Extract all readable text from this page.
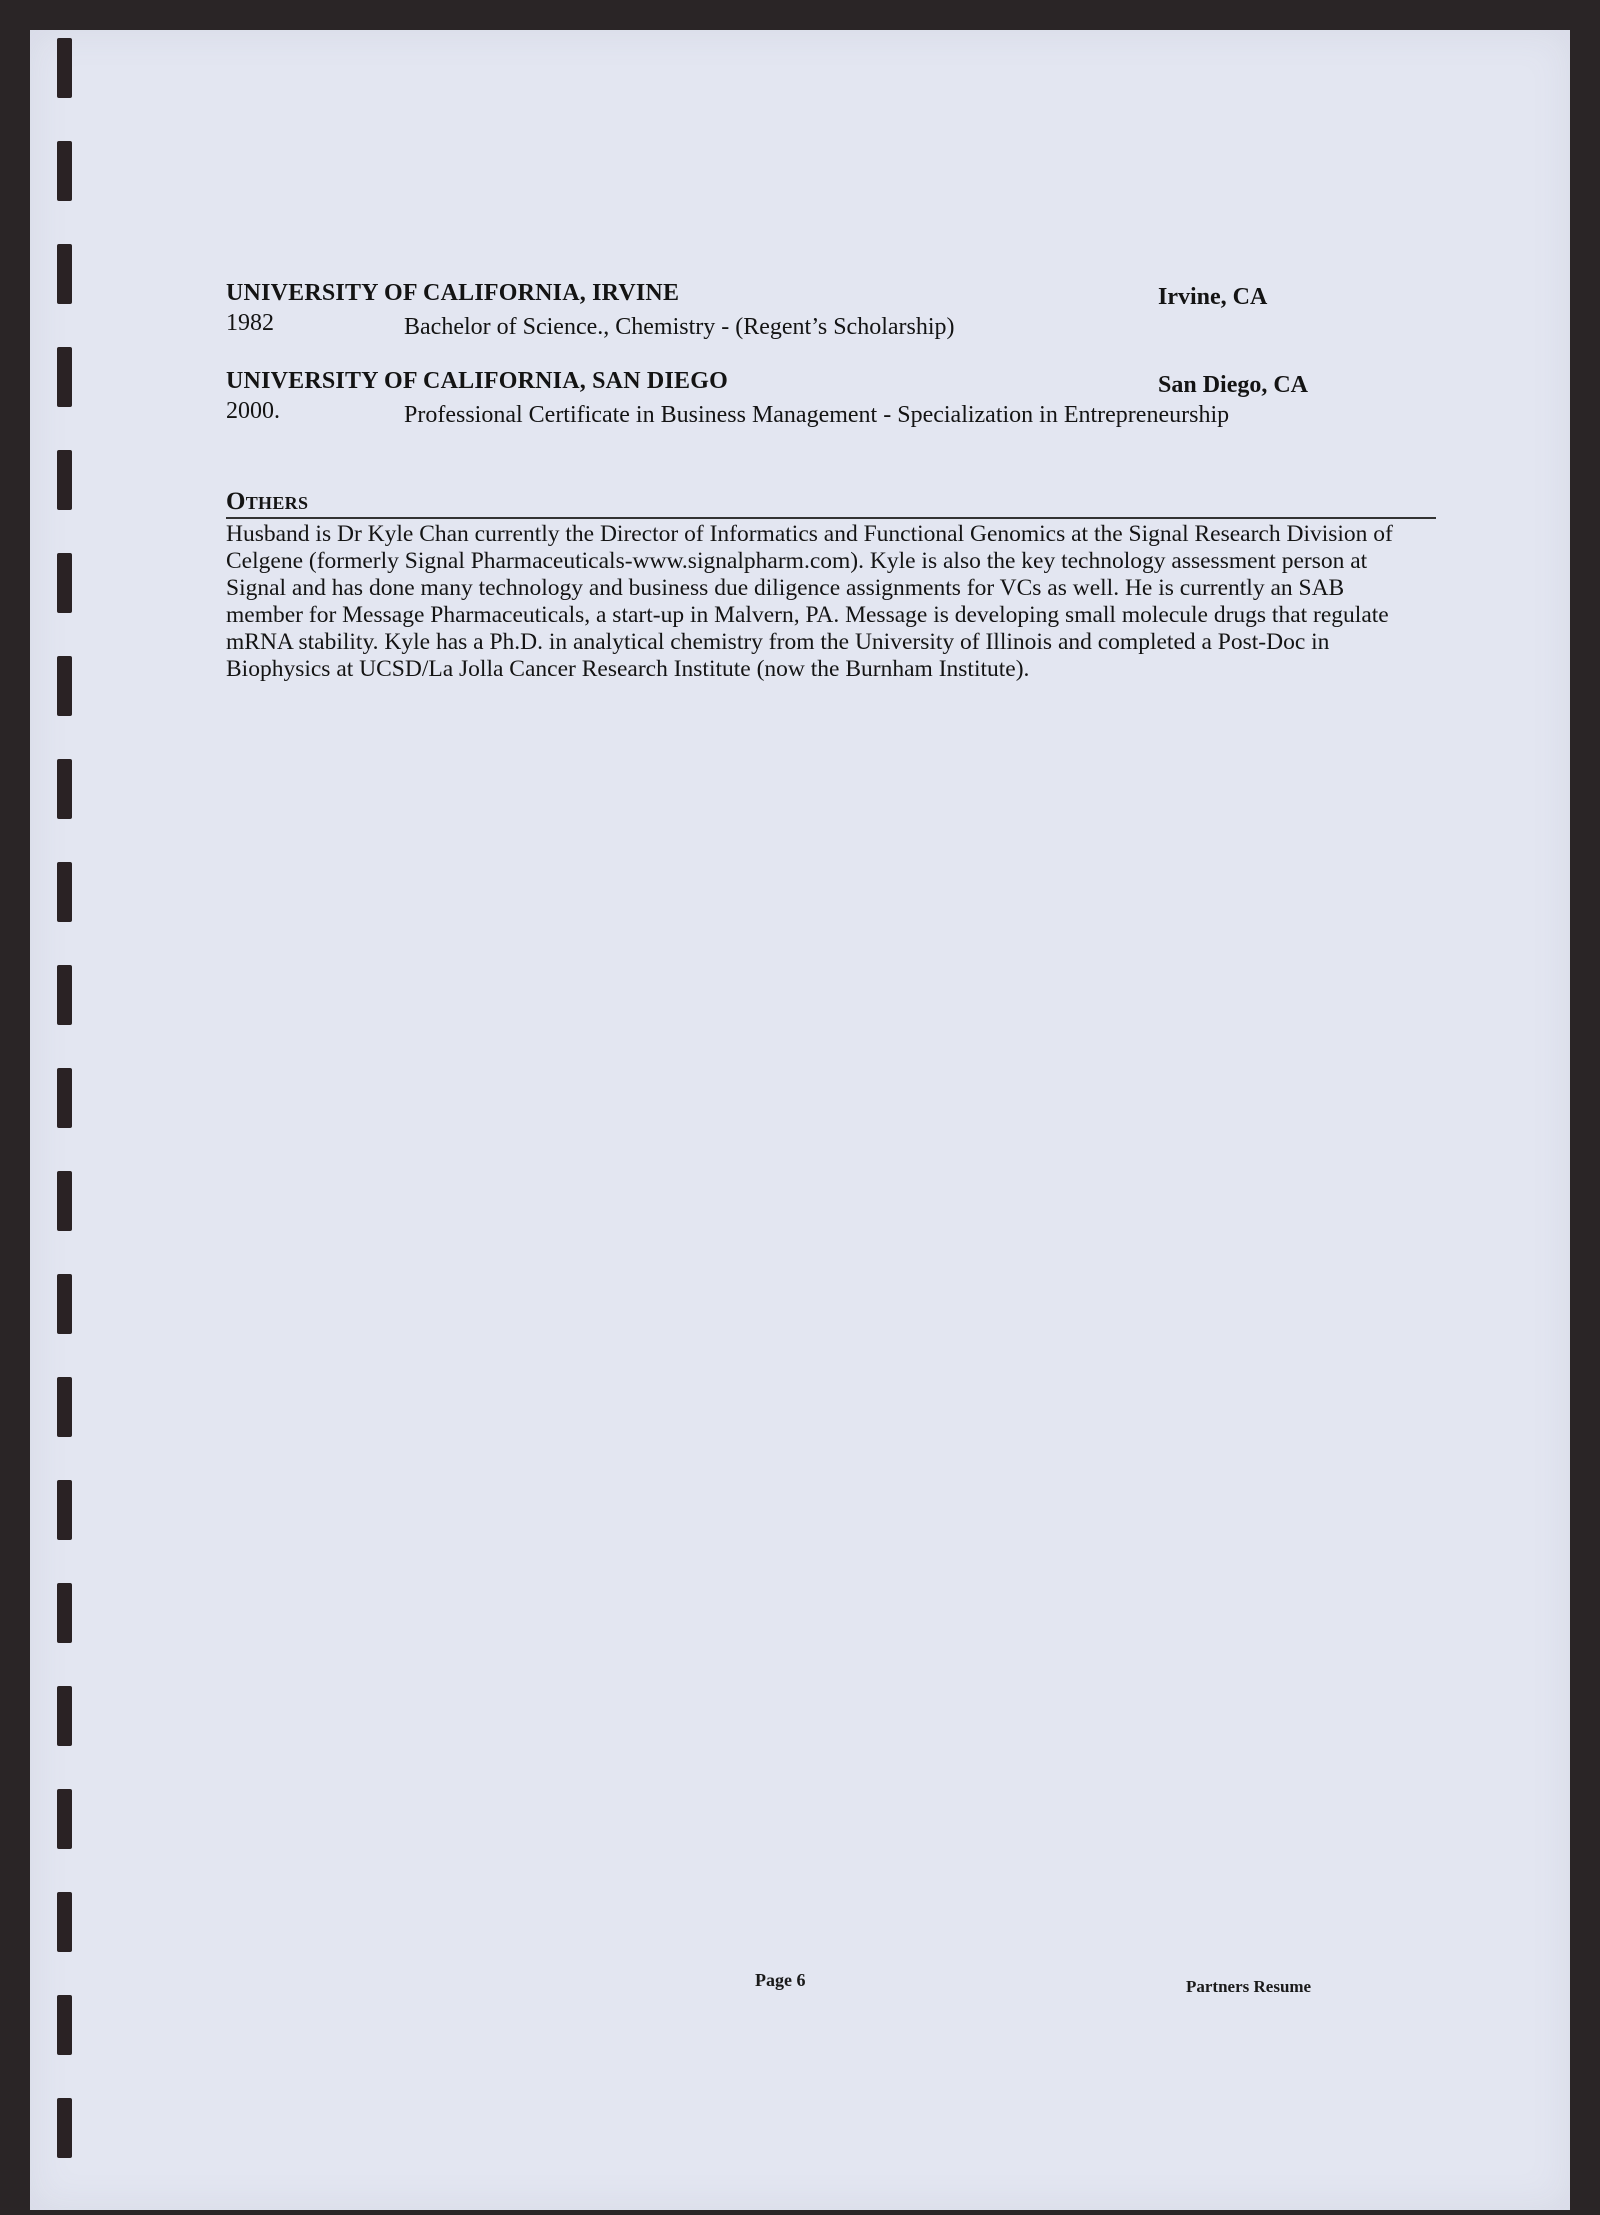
UNIVERSITY OF CALIFORNIA, IRVINE	Irvine, CA
1982	Bachelor of Science., Chemistry - (Regent’s Scholarship)
UNIVERSITY OF CALIFORNIA, SAN DIEGO	San Diego, CA
2000.	Professional Certificate in Business Management - Specialization in Entrepreneurship
Others
Husband is Dr Kyle Chan currently the Director of Informatics and Functional Genomics at the Signal Research Division of Celgene (formerly Signal Pharmaceuticals-www.signalpharm.com). Kyle is also the key technology assessment person at Signal and has done many technology and business due diligence assignments for VCs as well. He is currently an SAB member for Message Pharmaceuticals, a start-up in Malvern, PA. Message is developing small molecule drugs that regulate mRNA stability. Kyle has a Ph.D. in analytical chemistry from the University of Illinois and completed a Post-Doc in Biophysics at UCSD/La Jolla Cancer Research Institute (now the Burnham Institute).
Page 6	Partners Resume
